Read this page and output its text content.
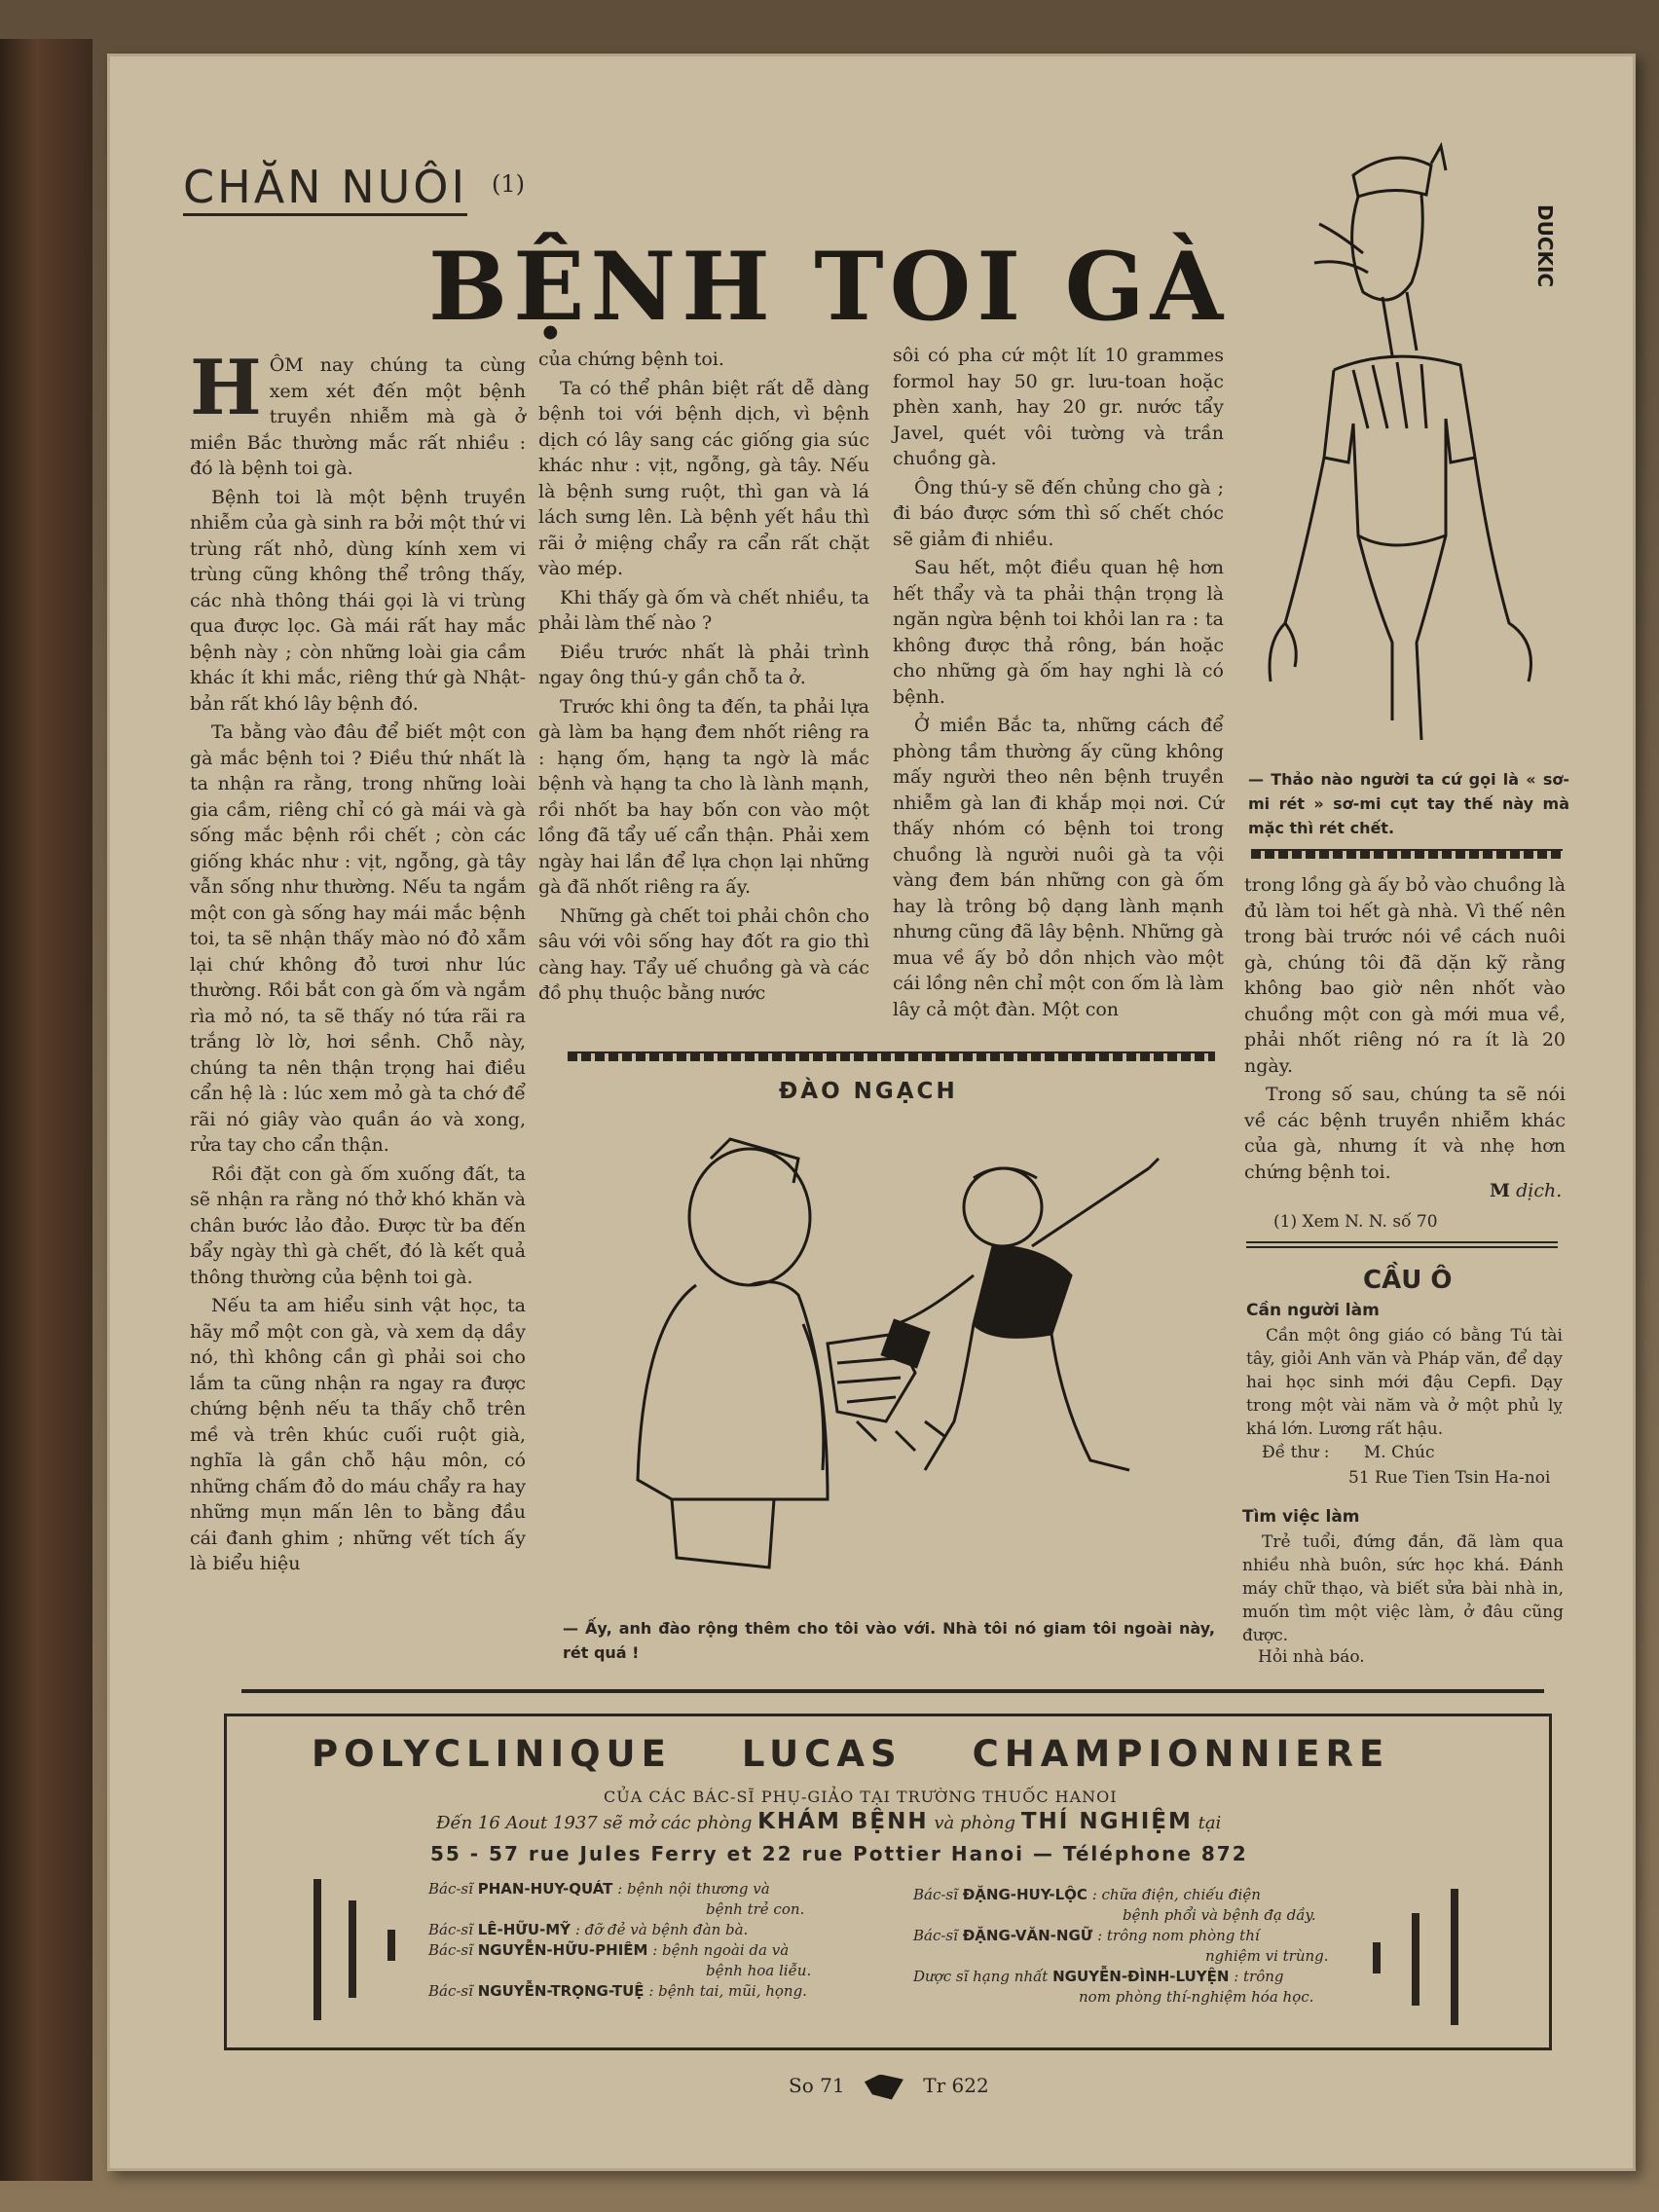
CHĂN NUÔI (1)
BỆNH TOI GÀ
H ÔM nay chúng ta cùng xem xét đến một bệnh truyền nhiễm mà gà ở miền Bắc thường mắc rất nhiều : đó là bệnh toi gà.

Bệnh toi là một bệnh truyền nhiễm của gà sinh ra bởi một thứ vi trùng rất nhỏ, dùng kính xem vi trùng cũng không thể trông thấy, các nhà thông thái gọi là vi trùng qua được lọc. Gà mái rất hay mắc bệnh này ; còn những loài gia cầm khác ít khi mắc, riêng thứ gà Nhật-bản rất khó lây bệnh đó.

Ta bằng vào đâu để biết một con gà mắc bệnh toi ? Điều thứ nhất là ta nhận ra rằng, trong những loài gia cầm, riêng chỉ có gà mái và gà sống mắc bệnh rồi chết ; còn các giống khác như : vịt, ngỗng, gà tây vẫn sống như thường. Nếu ta ngắm một con gà sống hay mái mắc bệnh toi, ta sẽ nhận thấy mào nó đỏ xẫm lại chứ không đỏ tươi như lúc thường. Rồi bắt con gà ốm và ngắm rìa mỏ nó, ta sẽ thấy nó tứa rãi ra trắng lờ lờ, hơi sềnh. Chỗ này, chúng ta nên thận trọng hai điều cẩn hệ là : lúc xem mỏ gà ta chớ để rãi nó giây vào quần áo và xong, rửa tay cho cẩn thận.

Rồi đặt con gà ốm xuống đất, ta sẽ nhận ra rằng nó thở khó khăn và chân bước lảo đảo. Được từ ba đến bẩy ngày thì gà chết, đó là kết quả thông thường của bệnh toi gà.

Nếu ta am hiểu sinh vật học, ta hãy mổ một con gà, và xem dạ dầy nó, thì không cần gì phải soi cho lắm ta cũng nhận ra ngay ra được chứng bệnh nếu ta thấy chỗ trên mề và trên khúc cuối ruột già, nghĩa là gần chỗ hậu môn, có những chấm đỏ do máu chẩy ra hay những mụn mấn lên to bằng đầu cái đanh ghim ; những vết tích ấy là biểu hiệu

của chứng bệnh toi.

Ta có thể phân biệt rất dễ dàng bệnh toi với bệnh dịch, vì bệnh dịch có lây sang các giống gia súc khác như : vịt, ngỗng, gà tây. Nếu là bệnh sưng ruột, thì gan và lá lách sưng lên. Là bệnh yết hầu thì rãi ở miệng chẩy ra cẩn rất chặt vào mép.

Khi thấy gà ốm và chết nhiều, ta phải làm thế nào ?

Điều trước nhất là phải trình ngay ông thú-y gần chỗ ta ở.

Trước khi ông ta đến, ta phải lựa gà làm ba hạng đem nhốt riêng ra : hạng ốm, hạng ta ngờ là mắc bệnh và hạng ta cho là lành mạnh, rồi nhốt ba hay bốn con vào một lồng đã tẩy uế cẩn thận. Phải xem ngày hai lần để lựa chọn lại những gà đã nhốt riêng ra ấy.

Những gà chết toi phải chôn cho sâu với vôi sống hay đốt ra gio thì càng hay. Tẩy uế chuồng gà và các đồ phụ thuộc bằng nước

sôi có pha cứ một lít 10 grammes formol hay 50 gr. lưu-toan hoặc phèn xanh, hay 20 gr. nước tẩy Javel, quét vôi tường và trần chuồng gà.

Ông thú-y sẽ đến chủng cho gà ; đi báo được sớm thì số chết chóc sẽ giảm đi nhiều.

Sau hết, một điều quan hệ hơn hết thẩy và ta phải thận trọng là ngăn ngừa bệnh toi khỏi lan ra : ta không được thả rông, bán hoặc cho những gà ốm hay nghi là có bệnh.

Ở miền Bắc ta, những cách để phòng tầm thường ấy cũng không mấy người theo nên bệnh truyền nhiễm gà lan đi khắp mọi nơi. Cứ thấy nhóm có bệnh toi trong chuồng là người nuôi gà ta vội vàng đem bán những con gà ốm hay là trông bộ dạng lành mạnh nhưng cũng đã lây bệnh. Những gà mua về ấy bỏ dồn nhịch vào một cái lồng nên chỉ một con ốm là làm lây cả một đàn. Một con

DUCKIC
— Thảo nào người ta cứ gọi là « sơ-mi rét » sơ-mi cụt tay thế này mà mặc thì rét chết.

trong lồng gà ấy bỏ vào chuồng là đủ làm toi hết gà nhà. Vì thế nên trong bài trước nói về cách nuôi gà, chúng tôi đã dặn kỹ rằng không bao giờ nên nhốt vào chuồng một con gà mới mua về, phải nhốt riêng nó ra ít là 20 ngày.

Trong số sau, chúng ta sẽ nói về các bệnh truyền nhiễm khác của gà, nhưng ít và nhẹ hơn chứng bệnh toi.

M dịch.
(1) Xem N. N. số 70
CẦU Ô
Cần người làm
Cần một ông giáo có bằng Tú tài tây, giỏi Anh văn và Pháp văn, để dạy hai học sinh mới đậu Cepfi. Dạy trong một vài năm và ở một phủ lỵ khá lớn. Lương rất hậu.
Đề thư : M. Chúc
51 Rue Tien Tsin Ha-noi
Tìm việc làm
Trẻ tuổi, đứng đắn, đã làm qua nhiều nhà buôn, sức học khá. Đánh máy chữ thạo, và biết sửa bài nhà in, muốn tìm một việc làm, ở đâu cũng được.
Hỏi nhà báo.
ĐÀO NGẠCH
— Ấy, anh đào rộng thêm cho tôi vào với. Nhà tôi nó giam tôi ngoài này, rét quá !
POLYCLINIQUE LUCAS CHAMPIONNIERE
CỦA CÁC BÁC-SĨ PHỤ-GIẢO TẠI TRƯỜNG THUỐC HANOI
Đến 16 Aout 1937 sẽ mở các phòng KHÁM BỆNH và phòng THÍ NGHIỆM tại
55 - 57 rue Jules Ferry et 22 rue Pottier Hanoi — Téléphone 872
Bác-sĩ PHAN-HUY-QUÁT : bệnh nội thương và
bệnh trẻ con.
Bác-sĩ LÊ-HỮU-MỸ : đỡ đẻ và bệnh đàn bà.
Bác-sĩ NGUYỄN-HỮU-PHIÊM : bệnh ngoài da và
bệnh hoa liễu.
Bác-sĩ NGUYỄN-TRỌNG-TUỆ : bệnh tai, mũi, họng.
Bác-sĩ ĐẶNG-HUY-LỘC : chữa điện, chiếu điện
bệnh phổi và bệnh đạ dầy.
Bác-sĩ ĐẶNG-VĂN-NGỮ : trông nom phòng thí
nghiệm vi trùng.
Dược sĩ hạng nhất NGUYỄN-ĐÌNH-LUYỆN : trông
nom phòng thí-nghiệm hóa học.
So 71	Tr 622
